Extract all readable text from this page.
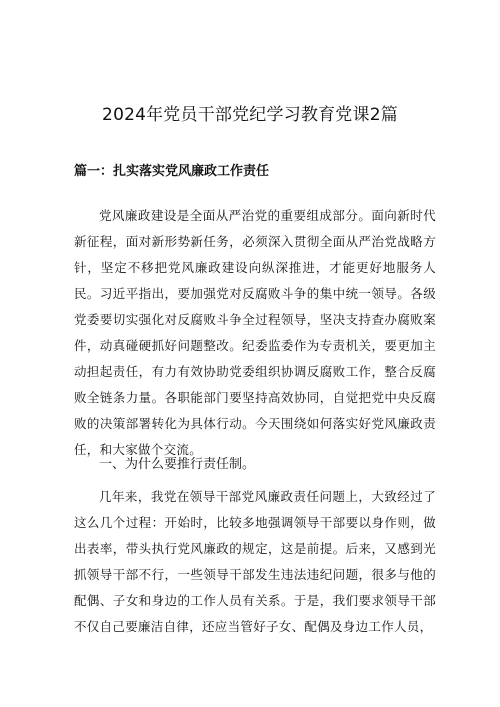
2024年党员干部党纪学习教育党课2篇
篇一：扎实落实党风廉政工作责任

党风廉政建设是全面从严治党的重要组成部分。面向新时代新征程，面对新形势新任务，必须深入贯彻全面从严治党战略方针，坚定不移把党风廉政建设向纵深推进，才能更好地服务人民。习近平指出，要加强党对反腐败斗争的集中统一领导。各级党委要切实强化对反腐败斗争全过程领导，坚决支持查办腐败案件，动真碰硬抓好问题整改。纪委监委作为专责机关，要更加主动担起责任，有力有效协助党委组织协调反腐败工作，整合反腐败全链条力量。各职能部门要坚持高效协同，自觉把党中央反腐败的决策部署转化为具体行动。今天围绕如何落实好党风廉政责任，和大家做个交流。

一、为什么要推行责任制。

几年来，我党在领导干部党风廉政责任问题上，大致经过了这么几个过程：开始时，比较多地强调领导干部要以身作则，做出表率，带头执行党风廉政的规定，这是前提。后来，又感到光抓领导干部不行，一些领导干部发生违法违纪问题，很多与他的配偶、子女和身边的工作人员有关系。于是，我们要求领导干部不仅自己要廉洁自律，还应当管好子女、配偶及身边工作人员，
